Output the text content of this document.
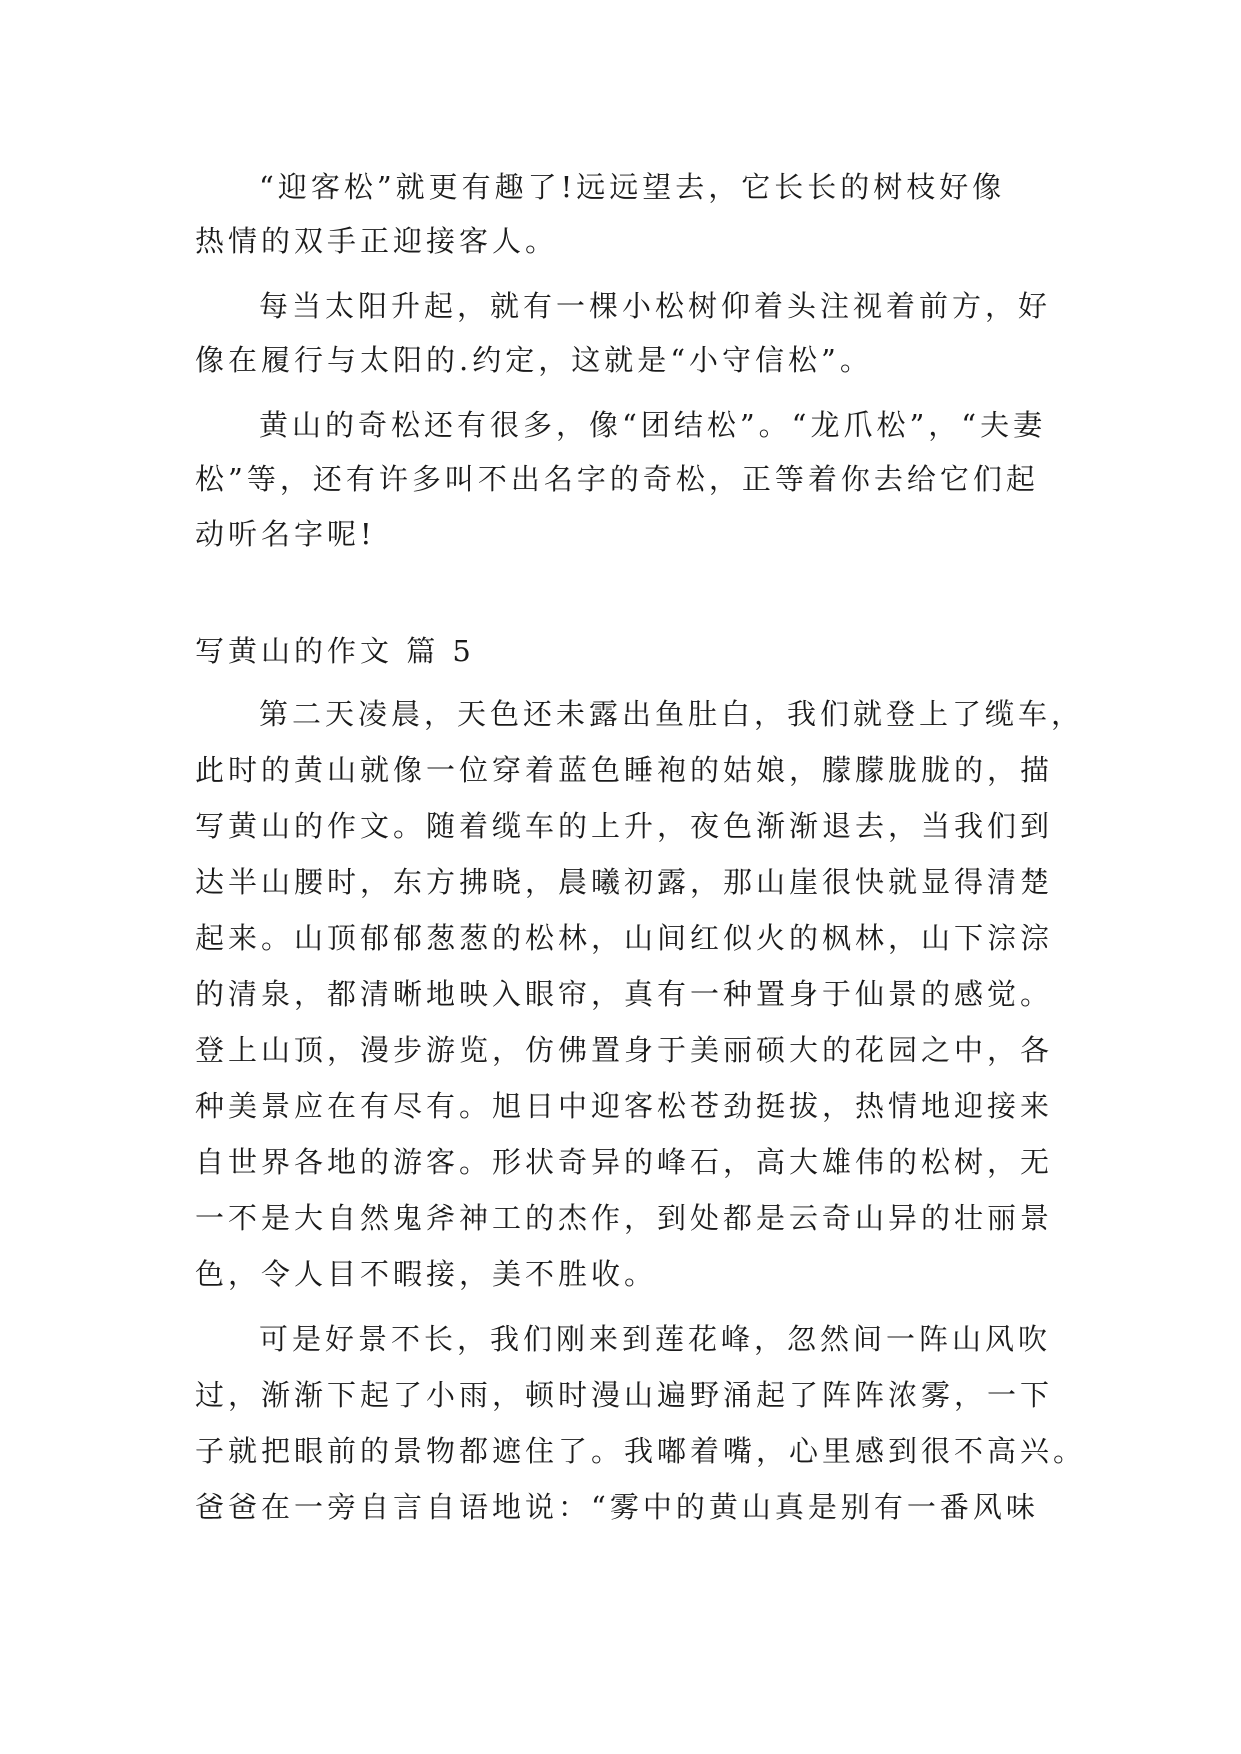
“迎客松”就更有趣了!远远望去，它长长的树枝好像
热情的双手正迎接客人。
每当太阳升起，就有一棵小松树仰着头注视着前方，好
像在履行与太阳的.约定，这就是“小守信松”。
黄山的奇松还有很多，像“团结松”。“龙爪松”，“夫妻
松”等，还有许多叫不出名字的奇松，正等着你去给它们起
动听名字呢!
写黄山的作文 篇 5
第二天凌晨，天色还未露出鱼肚白，我们就登上了缆车，
此时的黄山就像一位穿着蓝色睡袍的姑娘，朦朦胧胧的，描
写黄山的作文。随着缆车的上升，夜色渐渐退去，当我们到
达半山腰时，东方拂晓，晨曦初露，那山崖很快就显得清楚
起来。山顶郁郁葱葱的松林，山间红似火的枫林，山下淙淙
的清泉，都清晰地映入眼帘，真有一种置身于仙景的感觉。
登上山顶，漫步游览，仿佛置身于美丽硕大的花园之中，各
种美景应在有尽有。旭日中迎客松苍劲挺拔，热情地迎接来
自世界各地的游客。形状奇异的峰石，高大雄伟的松树，无
一不是大自然鬼斧神工的杰作，到处都是云奇山异的壮丽景
色，令人目不暇接，美不胜收。
可是好景不长，我们刚来到莲花峰，忽然间一阵山风吹
过，渐渐下起了小雨，顿时漫山遍野涌起了阵阵浓雾，一下
子就把眼前的景物都遮住了。我嘟着嘴，心里感到很不高兴。
爸爸在一旁自言自语地说：“雾中的黄山真是别有一番风味
